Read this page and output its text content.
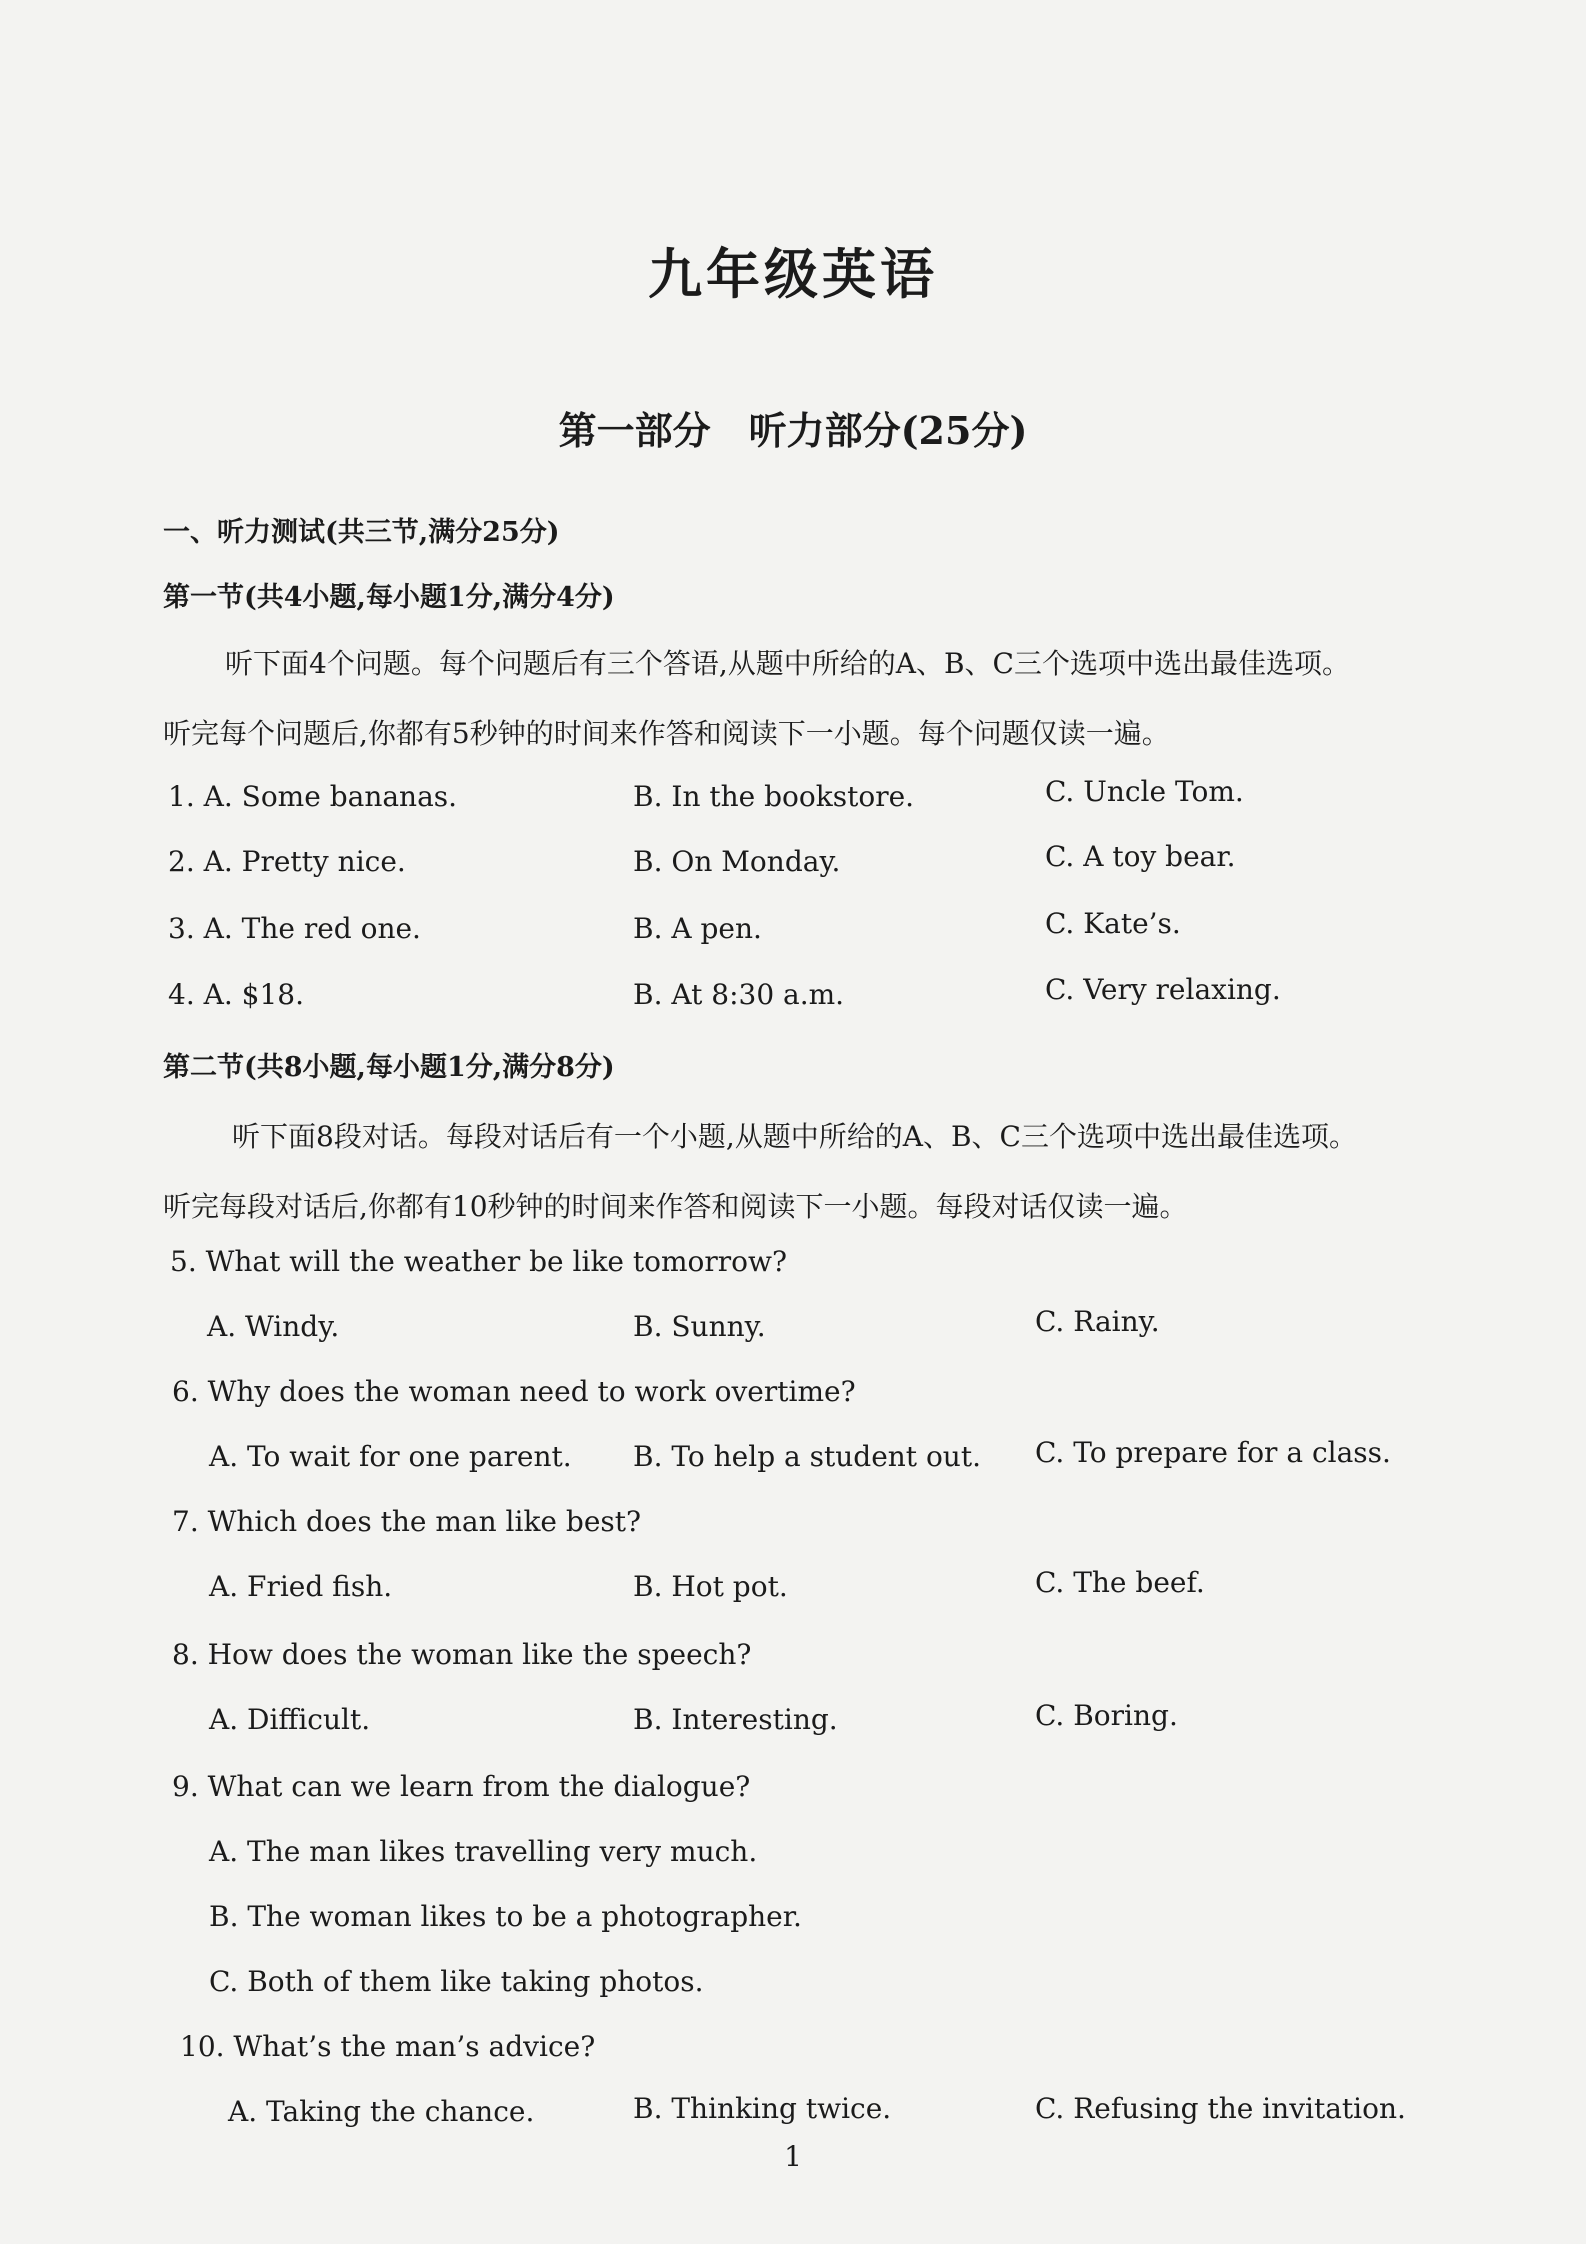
九年级英语
第一部分　听力部分(25分)
一、听力测试(共三节,满分25分)
第一节(共4小题,每小题1分,满分4分)
听下面4个问题。每个问题后有三个答语,从题中所给的A、B、C三个选项中选出最佳选项。
听完每个问题后,你都有5秒钟的时间来作答和阅读下一小题。每个问题仅读一遍。
1. A. Some bananas.	B. In the bookstore.	C. Uncle Tom.
2. A. Pretty nice.	B. On Monday.	C. A toy bear.
3. A. The red one.	B. A pen.	C. Kate’s.
4. A. $18.	B. At 8:30 a.m.	C. Very relaxing.
第二节(共8小题,每小题1分,满分8分)
听下面8段对话。每段对话后有一个小题,从题中所给的A、B、C三个选项中选出最佳选项。
听完每段对话后,你都有10秒钟的时间来作答和阅读下一小题。每段对话仅读一遍。
5. What will the weather be like tomorrow?
A. Windy.	B. Sunny.	C. Rainy.
6. Why does the woman need to work overtime?
A. To wait for one parent. B. To help a student out. C. To prepare for a class.
7. Which does the man like best?
A. Fried fish.	B. Hot pot.	C. The beef.
8. How does the woman like the speech?
A. Difficult.	B. Interesting.	C. Boring.
9. What can we learn from the dialogue?
A. The man likes travelling very much.
B. The woman likes to be a photographer.
C. Both of them like taking photos.
10. What’s the man’s advice?
A. Taking the chance.	B. Thinking twice.	C. Refusing the invitation.
1
